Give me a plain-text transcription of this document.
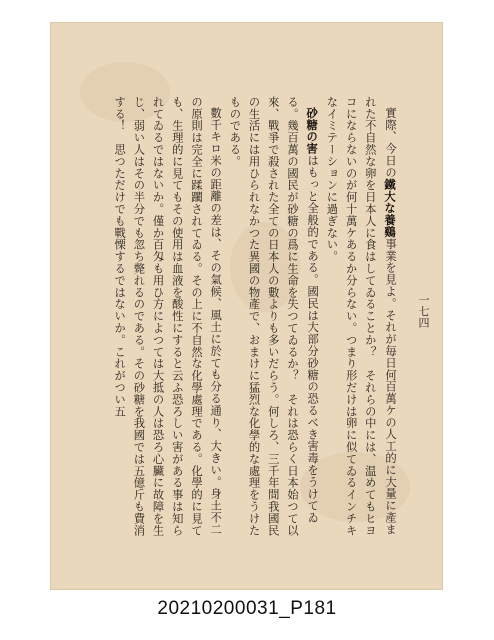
一七四

實際、今日の鐵大な養鷄事業を見よ。それが毎日何百萬ケの人工的に大量に產まれた不自然な卵を日本人に食はしてゐることか？　それらの中には、温めてもヒヨコにならないのが何十萬ケあるか分らない。つまり形だけは卵に似てゐるインチキなイミテーションに過ぎない。

砂糖の害はもっと全般的である。國民は大部分砂糖の恐るべき害毒をうけてゐる。幾百萬の國民が砂糖の爲に生命を失つてゐるか？　それは恐らく日本始つて以來、戰爭で殺された全ての日本人の數よりも多いだらう。何しろ、三千年間我國民の生活には用ひられなかつた異國の物產で、おまけに猛烈な化學的な處理をうけたものである。

數千キロ米の距離の差は、その氣候、風土に於ても分る通り、大きい。身土不二の原則は完全に蹂躙されてゐる。その上に不自然な化學處理である。化學的に見ても、生理的に見てもその使用は血液を酸性にすると云ふ恐ろしい害がある事は知られてゐるではないか。僅か百匁も用ひ方によつては大抵の人は恐ろ心臟に故障を生じ、弱い人はその半分でも忽ち斃れるのである。その砂糖を我國では五億斤も費消する！　思つただけでも戰慄するではないか。これがつい五

20210200031_P181
